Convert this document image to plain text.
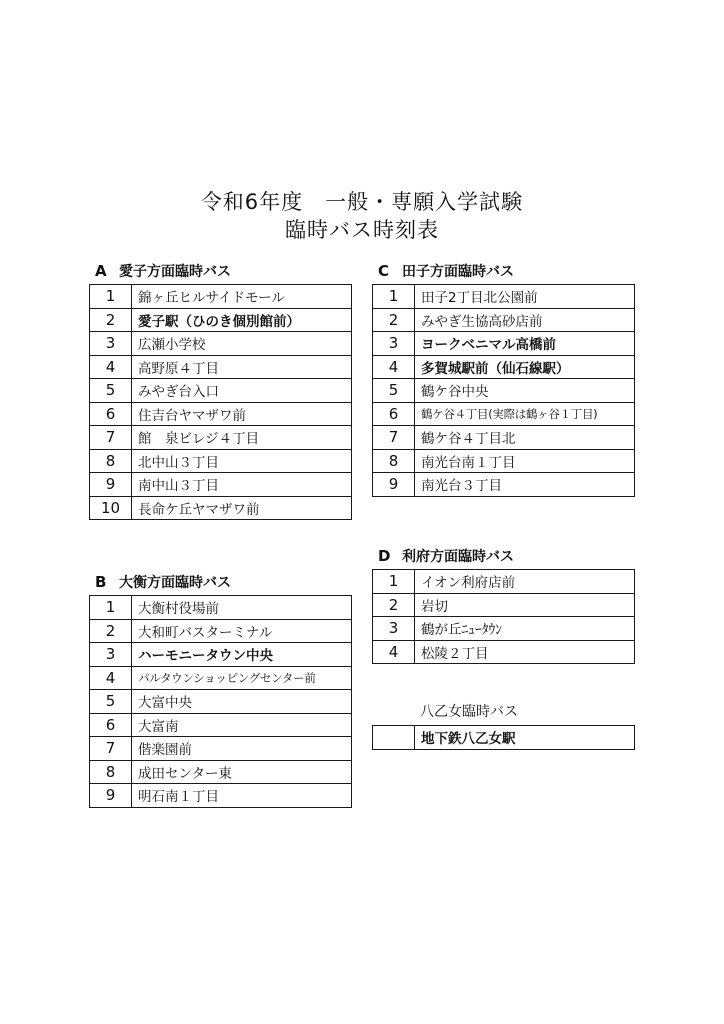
令和6年度　一般・専願入学試験
臨時バス時刻表
A 愛子方面臨時バス
1	錦ヶ丘ヒルサイドモール
2	愛子駅（ひのき個別館前）
3	広瀬小学校
4	高野原４丁目
5	みやぎ台入口
6	住吉台ヤマザワ前
7	館　泉ビレジ４丁目
8	北中山３丁目
9	南中山３丁目
10	長命ケ丘ヤマザワ前
B 大衡方面臨時バス
1	大衡村役場前
2	大和町バスターミナル
3	ハーモニータウン中央
4	パルタウンショッピングセンター前
5	大富中央
6	大富南
7	偕楽園前
8	成田センター東
9	明石南１丁目
C 田子方面臨時バス
1	田子2丁目北公園前
2	みやぎ生協高砂店前
3	ヨークベニマル高橋前
4	多賀城駅前（仙石線駅）
5	鶴ケ谷中央
6	鶴ケ谷４丁目(実際は鶴ヶ谷１丁目)
7	鶴ケ谷４丁目北
8	南光台南１丁目
9	南光台３丁目
D 利府方面臨時バス
1	イオン利府店前
2	岩切
3	鶴が丘ﾆｭｰﾀｳﾝ
4	松陵２丁目
八乙女臨時バス
	地下鉄八乙女駅
